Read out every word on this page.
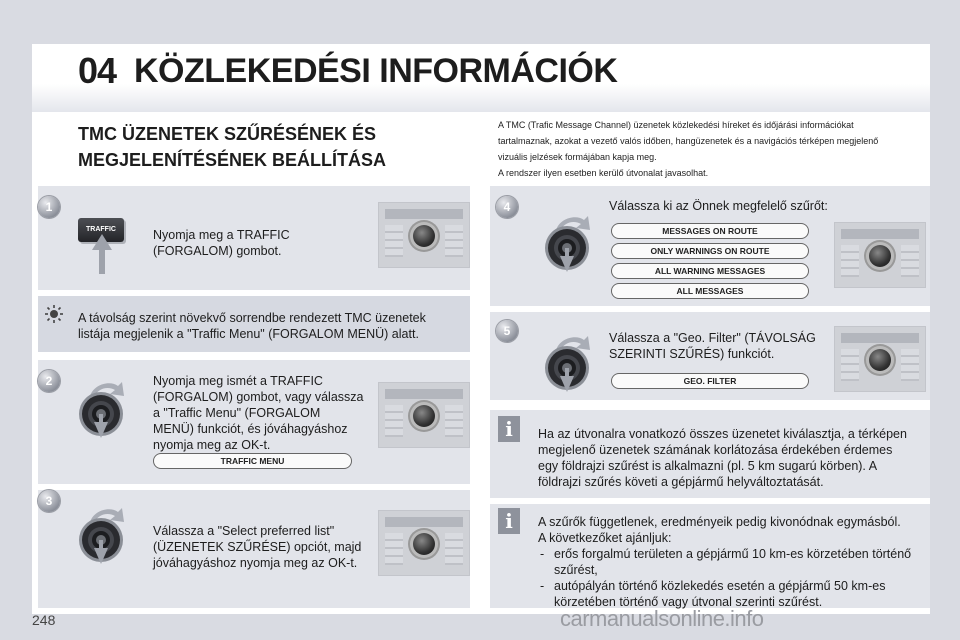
04 KÖZLEKEDÉSI INFORMÁCIÓK
TMC ÜZENETEK SZŰRÉSÉNEK ÉS
MEGJELENÍTÉSÉNEK BEÁLLÍTÁSA

A TMC (Trafic Message Channel) üzenetek közlekedési híreket és időjárási információkat

tartalmaznak, azokat a vezető valós időben, hangüzenetek és a navigációs térképen megjelenő

vizuális jelzések formájában kapja meg.

A rendszer ilyen esetben kerülő útvonalat javasolhat.

1
TRAFFIC	Nyomja meg a TRAFFIC
(FORGALOM) gombot.
A távolság szerint növekvő sorrendbe rendezett TMC üzenetek
listája megjelenik a "Traffic Menu" (FORGALOM MENÜ) alatt.
2	Nyomja meg ismét a TRAFFIC
(FORGALOM) gombot, vagy válassza
a "Traffic Menu" (FORGALOM
MENÜ) funkciót, és jóváhagyáshoz
nyomja meg az OK-t.
TRAFFIC MENU
3
Válassza a "Select preferred list"
(ÜZENETEK SZŰRÉSE) opciót, majd
jóváhagyáshoz nyomja meg az OK-t.
4	Válassza ki az Önnek megfelelő szűrőt:
MESSAGES ON ROUTE
ONLY WARNINGS ON ROUTE
ALL WARNING MESSAGES
ALL MESSAGES
5	Válassza a "Geo. Filter" (TÁVOLSÁG
SZERINTI SZŰRÉS) funkciót.
GEO. FILTER
i	Ha az útvonalra vonatkozó összes üzenetet kiválasztja, a térképen

megjelenő üzenetek számának korlátozása érdekében érdemes

egy földrajzi szűrést is alkalmazni (pl. 5 km sugarú körben). A

földrajzi szűrés követi a gépjármű helyváltoztatását.

i	A szűrők függetlenek, eredményeik pedig kivonódnak egymásból.

A következőket ajánljuk:

- erős forgalmú területen a gépjármű 10 km-es körzetében történő
szűrést,
- autópályán történő közlekedés esetén a gépjármű 50 km-es
körzetében történő vagy útvonal szerinti szűrést.
248	carmanualsonline.info
